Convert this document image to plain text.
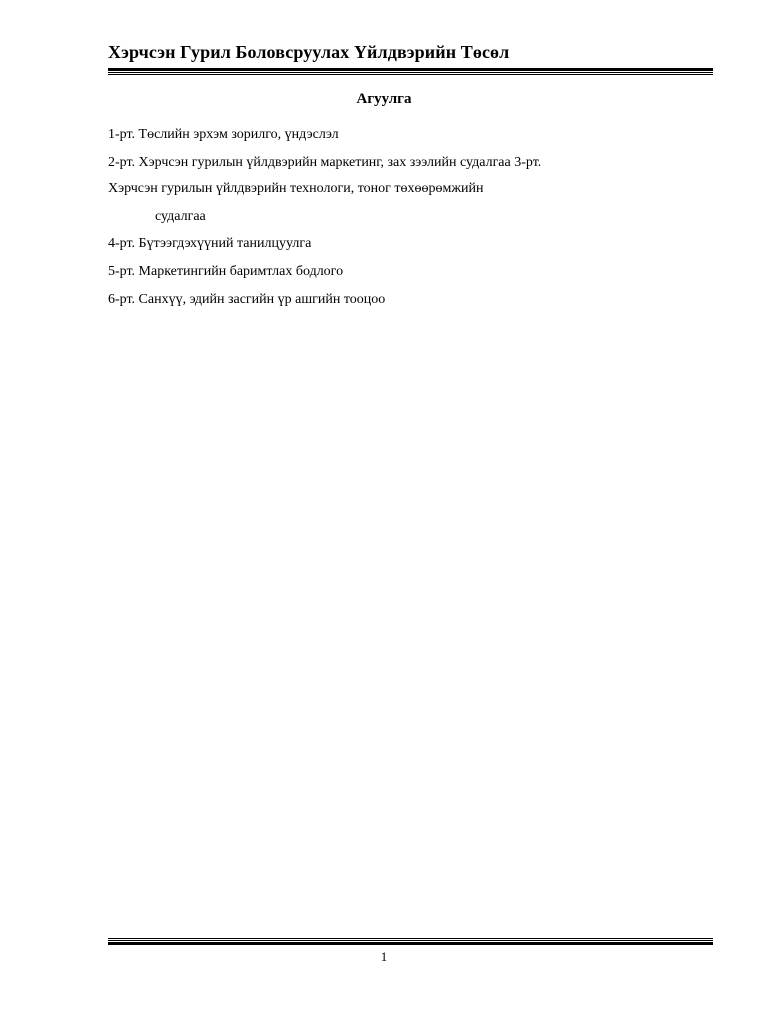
Хэрчсэн Гурил Боловсруулах Үйлдвэрийн Төсөл
Агуулга
1-рт. Төслийн эрхэм зорилго, үндэслэл
2-рт. Хэрчсэн гурилын үйлдвэрийн маркетинг, зах зээлийн судалгаа 3-рт.
Хэрчсэн гурилын үйлдвэрийн технологи, тоног төхөөрөмжийн
судалгаа
4-рт. Бүтээгдэхүүний танилцуулга
5-рт. Маркетингийн баримтлах бодлого
6-рт. Санхүү, эдийн засгийн үр ашгийн тооцоо
1
